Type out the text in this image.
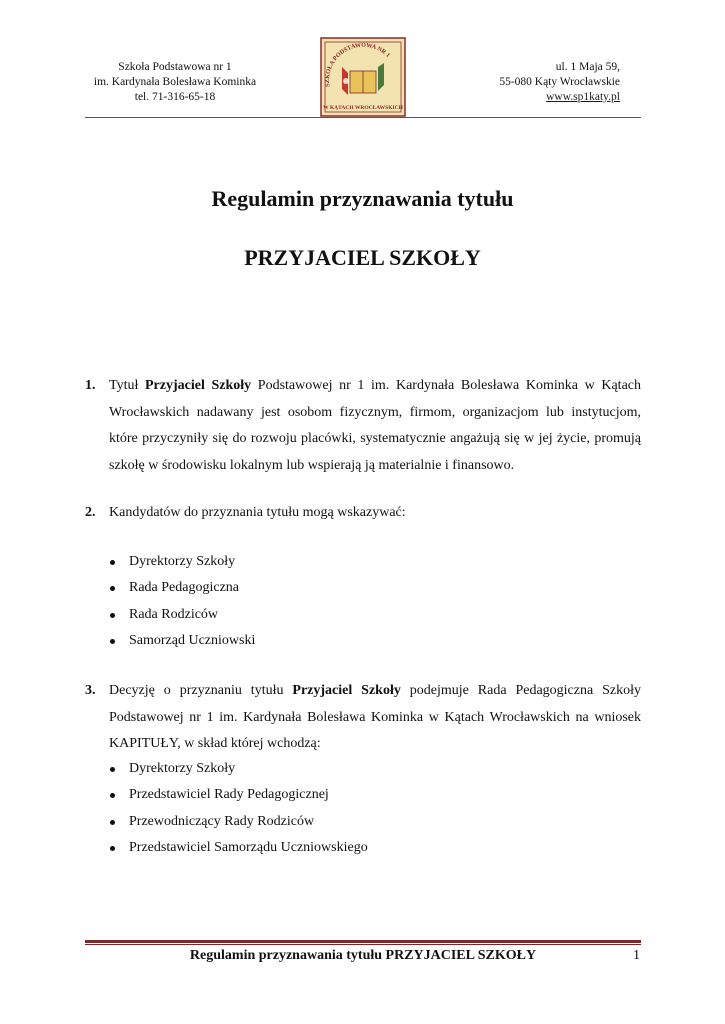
Szkoła Podstawowa nr 1
im. Kardynała Bolesława Kominka
tel. 71-316-65-18
SZKOŁA PODSTAWOWA NR 1
W KĄTACH WROCŁAWSKICH
ul. 1 Maja 59,
55-080 Kąty Wrocławskie
www.sp1katy.pl
Regulamin przyznawania tytułu
PRZYJACIEL SZKOŁY
1. Tytuł Przyjaciel Szkoły Podstawowej nr 1 im. Kardynała Bolesława Kominka w Kątach Wrocławskich nadawany jest osobom fizycznym, firmom, organizacjom lub instytucjom, które przyczyniły się do rozwoju placówki, systematycznie angażują się w jej życie, promują szkołę w środowisku lokalnym lub wspierają ją materialnie i finansowo.
2. Kandydatów do przyznania tytułu mogą wskazywać:
Dyrektorzy Szkoły
Rada Pedagogiczna
Rada Rodziców
Samorząd Uczniowski
3. Decyzję o przyznaniu tytułu Przyjaciel Szkoły podejmuje Rada Pedagogiczna Szkoły Podstawowej nr 1 im. Kardynała Bolesława Kominka w Kątach Wrocławskich na wniosek KAPITUŁY, w skład której wchodzą:
Dyrektorzy Szkoły
Przedstawiciel Rady Pedagogicznej
Przewodniczący Rady Rodziców
Przedstawiciel Samorządu Uczniowskiego
Regulamin przyznawania tytułu PRZYJACIEL SZKOŁY	1
